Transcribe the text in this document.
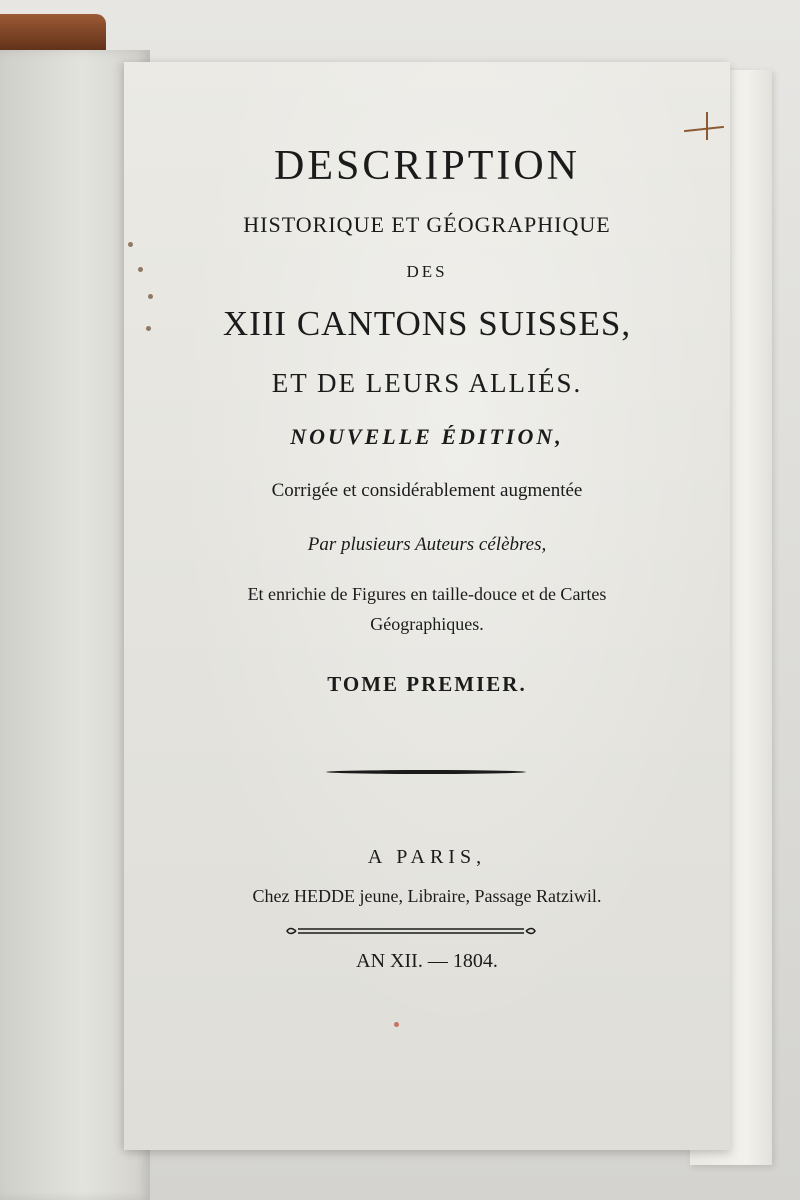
DESCRIPTION
HISTORIQUE ET GÉOGRAPHIQUE
DES
XIII CANTONS SUISSES,
ET DE LEURS ALLIÉS.
NOUVELLE ÉDITION,
Corrigée et considérablement augmentée
Par plusieurs Auteurs célèbres,
Et enrichie de Figures en taille-douce et de Cartes
Géographiques.
TOME PREMIER.
A PARIS,
Chez HEDDE jeune, Libraire, Passage Ratziwil.
AN XII. — 1804.
